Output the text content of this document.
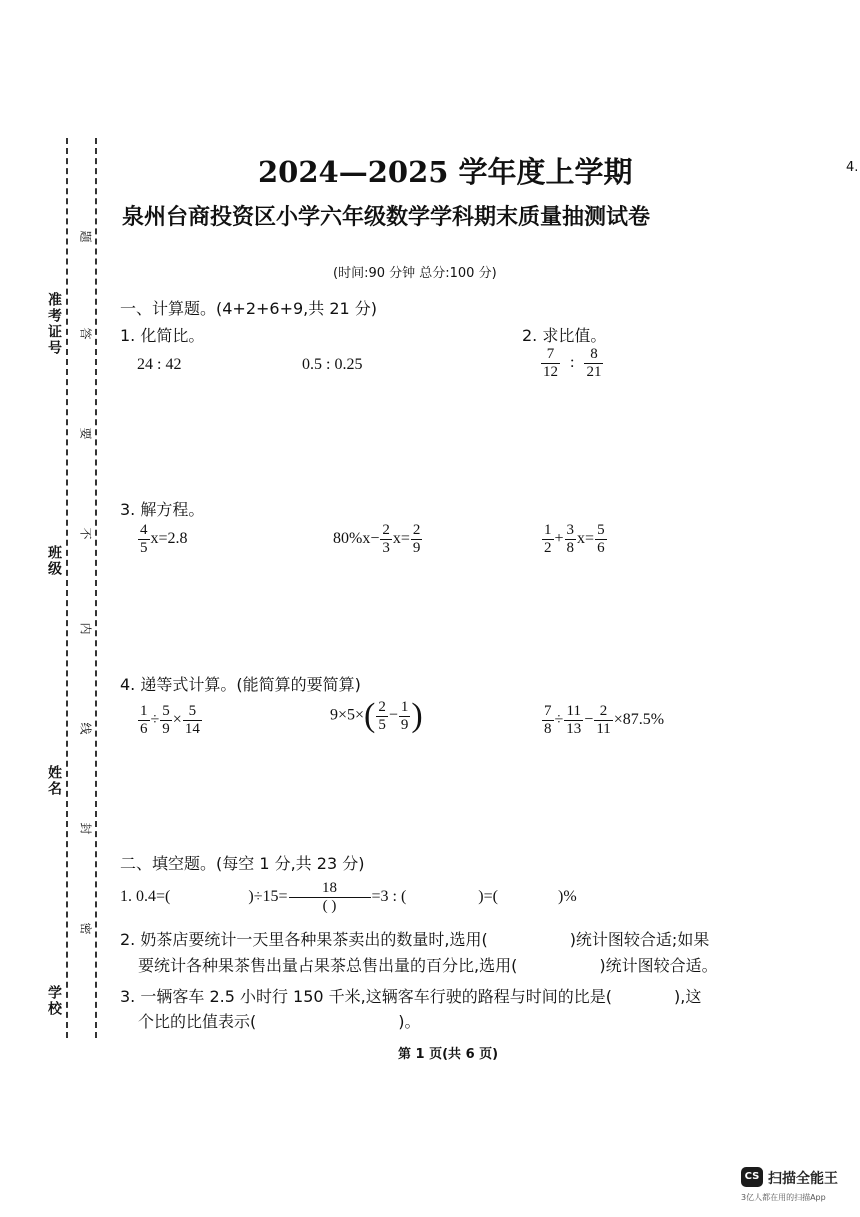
准考证号
班级
姓名
学校
题
答
要
不
内
线
封
密
2024—2025 学年度上学期	4.
泉州台商投资区小学六年级数学学科期末质量抽测试卷
(时间:90 分钟 总分:100 分)
一、计算题。(4+2+6+9,共 21 分)
1. 化简比。
24 : 42	0.5 : 0.25
2. 求比值。
$\frac{7}{12}$ : $\frac{8}{21}$
3. 解方程。
$\frac{4}{5} x=2.8$	$80\%x- \frac{2}{3} x= \frac{2}{9}$	$\frac{1}{2} + \frac{3}{8} x= \frac{5}{6}$
4. 递等式计算。(能简算的要简算)
$\frac{1}{6} \div \frac{5}{9} \times \frac{5}{14}$	$9\times 5\times( \frac{2}{5} - \frac{1}{9}$ )	$\frac{7}{8} \div \frac{11}{13} - \frac{2}{11} \times 87.5\%$
二、填空题。(每空 1 分,共 23 分)
1. 0.4=(	)$\div 15= \frac{18}{( )} =3$ : (	)=(	)%
2. 奶茶店要统计一天里各种果茶卖出的数量时,选用(	)统计图较合适;如果
要统计各种果茶售出量占果茶总售出量的百分比,选用(	)统计图较合适。
3. 一辆客车 2.5 小时行 150 千米,这辆客车行驶的路程与时间的比是(	),这
个比的比值表示(	)。
第 1 页(共 6 页)
CS 扫描全能王
3亿人都在用的扫描App
